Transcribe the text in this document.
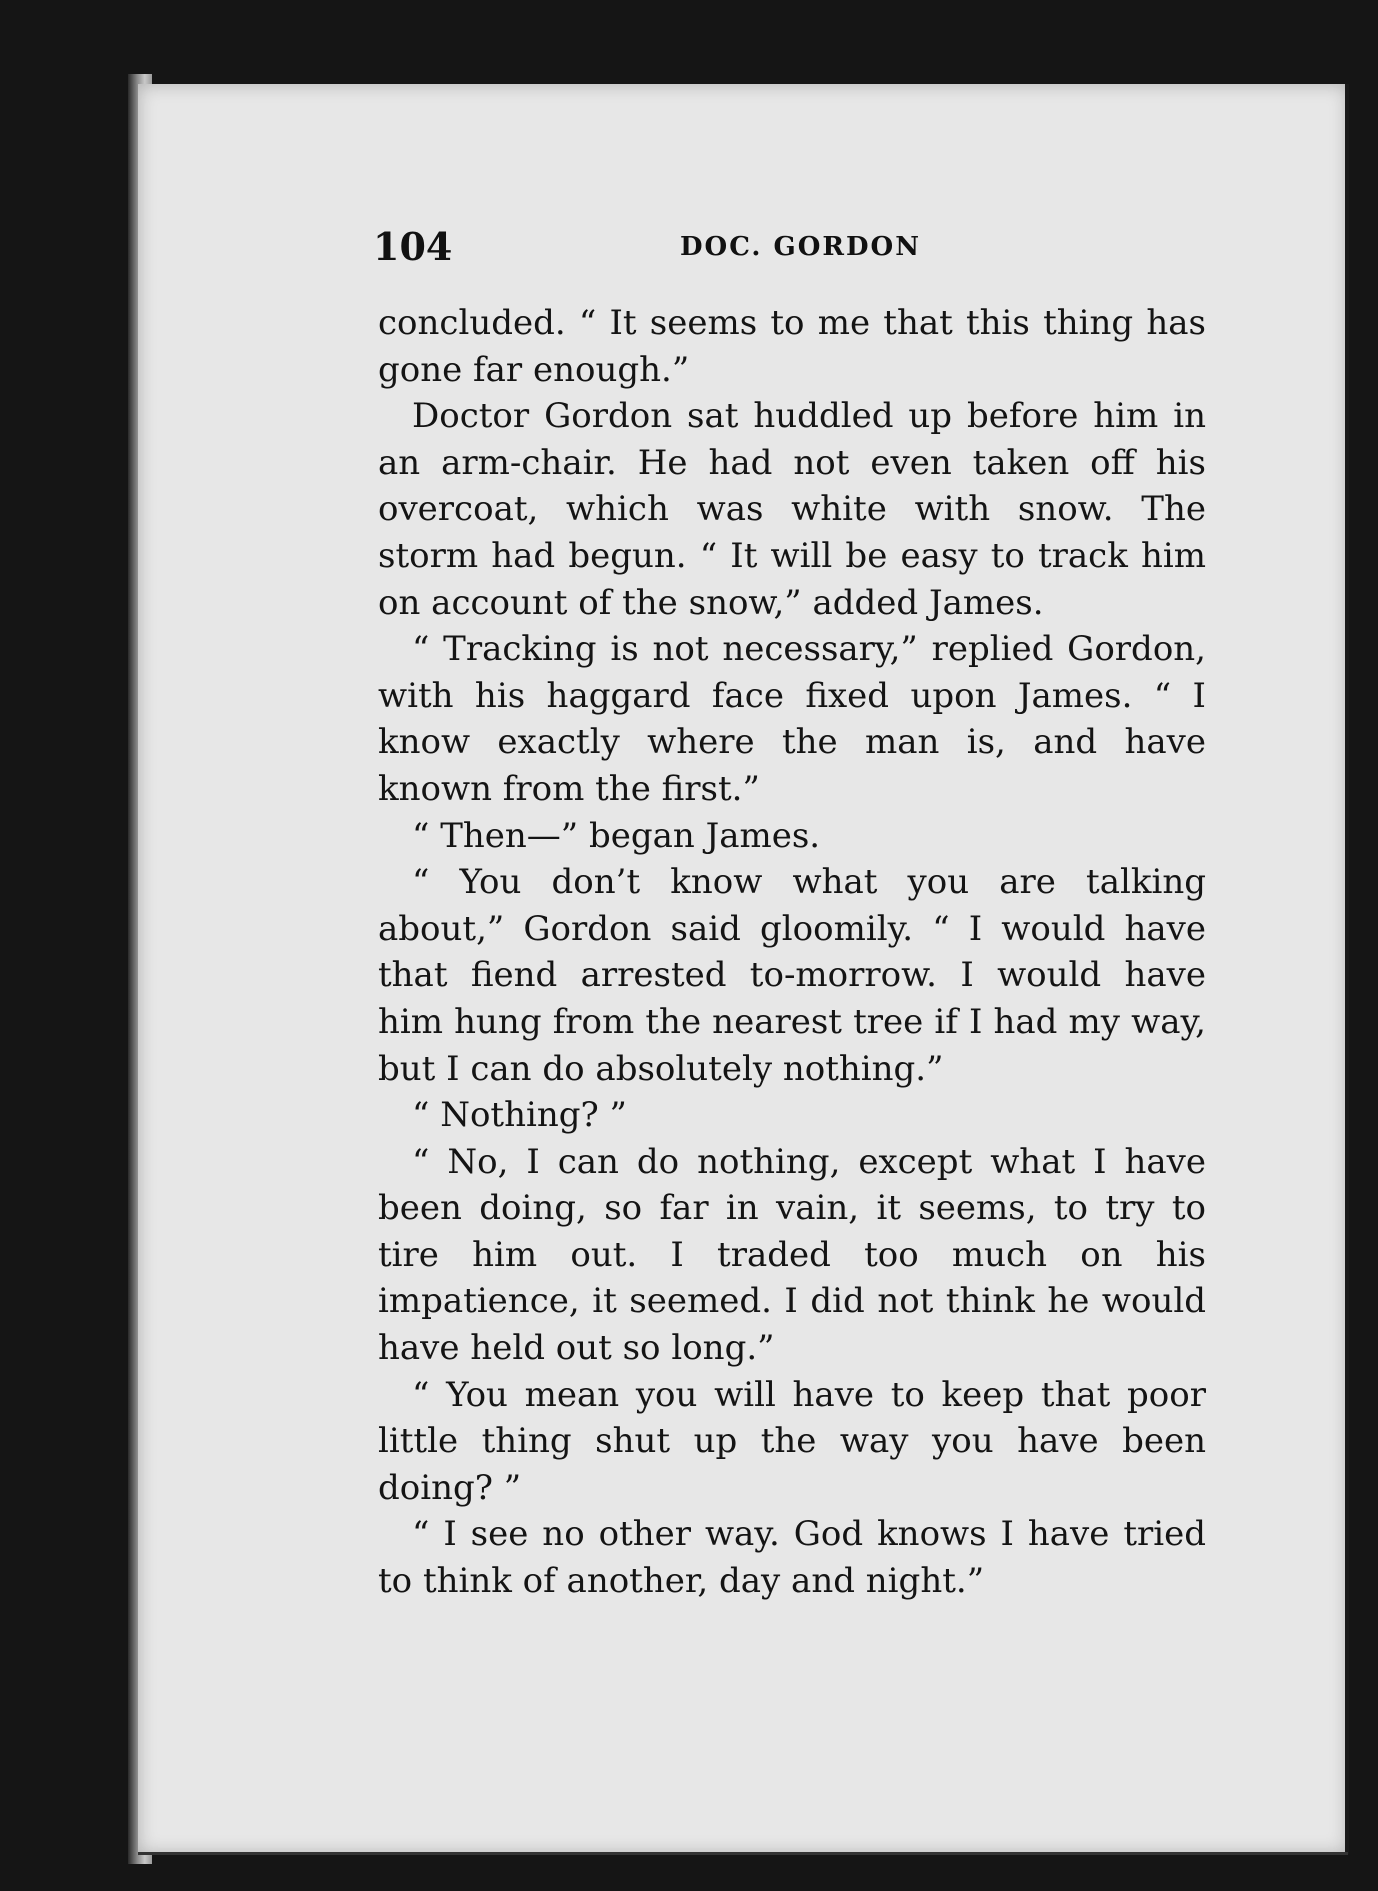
104	DOC. GORDON

concluded. “ It seems to me that this thing has gone far enough.”

Doctor Gordon sat huddled up before him in an arm-chair. He had not even taken off his overcoat, which was white with snow. The storm had begun. “ It will be easy to track him on account of the snow,” added James.

“ Tracking is not necessary,” replied Gordon, with his haggard face fixed upon James. “ I know exactly where the man is, and have known from the first.”

“ Then—” began James.

“ You don’t know what you are talking about,” Gordon said gloomily. “ I would have that fiend arrested to-morrow. I would have him hung from the nearest tree if I had my way, but I can do absolutely nothing.”

“ Nothing? ”

“ No, I can do nothing, except what I have been doing, so far in vain, it seems, to try to tire him out. I traded too much on his impatience, it seemed. I did not think he would have held out so long.”

“ You mean you will have to keep that poor little thing shut up the way you have been doing? ”

“ I see no other way. God knows I have tried to think of another, day and night.”
